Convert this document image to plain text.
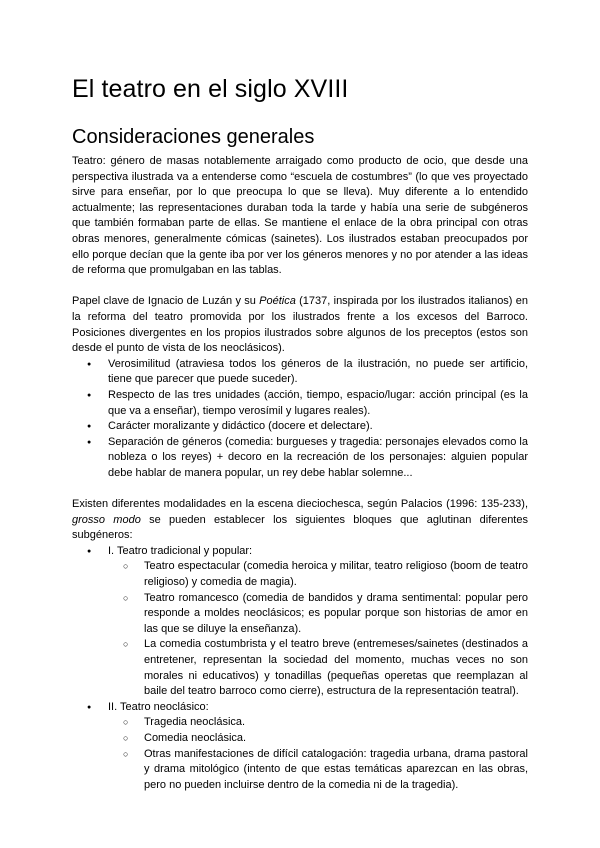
El teatro en el siglo XVIII
Consideraciones generales

Teatro: género de masas notablemente arraigado como producto de ocio, que desde una perspectiva ilustrada va a entenderse como “escuela de costumbres” (lo que ves proyectado sirve para enseñar, por lo que preocupa lo que se lleva). Muy diferente a lo entendido actualmente; las representaciones duraban toda la tarde y había una serie de subgéneros que también formaban parte de ellas. Se mantiene el enlace de la obra principal con otras obras menores, generalmente cómicas (sainetes). Los ilustrados estaban preocupados por ello porque decían que la gente iba por ver los géneros menores y no por atender a las ideas de reforma que promulgaban en las tablas.

Papel clave de Ignacio de Luzán y su Poética (1737, inspirada por los ilustrados italianos) en la reforma del teatro promovida por los ilustrados frente a los excesos del Barroco. Posiciones divergentes en los propios ilustrados sobre algunos de los preceptos (estos son desde el punto de vista de los neoclásicos).

● Verosimilitud (atraviesa todos los géneros de la ilustración, no puede ser artificio, tiene que parecer que puede suceder).
● Respecto de las tres unidades (acción, tiempo, espacio/lugar: acción principal (es la que va a enseñar), tiempo verosímil y lugares reales).
● Carácter moralizante y didáctico (docere et delectare).
● Separación de géneros (comedia: burgueses y tragedia: personajes elevados como la nobleza o los reyes) + decoro en la recreación de los personajes: alguien popular debe hablar de manera popular, un rey debe hablar solemne...

Existen diferentes modalidades en la escena dieciochesca, según Palacios (1996: 135-233), grosso modo se pueden establecer los siguientes bloques que aglutinan diferentes subgéneros:

● I. Teatro tradicional y popular:
○ Teatro espectacular (comedia heroica y militar, teatro religioso (boom de teatro religioso) y comedia de magia).
○ Teatro romancesco (comedia de bandidos y drama sentimental: popular pero responde a moldes neoclásicos; es popular porque son historias de amor en las que se diluye la enseñanza).
○ La comedia costumbrista y el teatro breve (entremeses/sainetes (destinados a entretener, representan la sociedad del momento, muchas veces no son morales ni educativos) y tonadillas (pequeñas operetas que reemplazan al baile del teatro barroco como cierre), estructura de la representación teatral).
● II. Teatro neoclásico:
○ Tragedia neoclásica.
○ Comedia neoclásica.
○ Otras manifestaciones de difícil catalogación: tragedia urbana, drama pastoral y drama mitológico (intento de que estas temáticas aparezcan en las obras, pero no pueden incluirse dentro de la comedia ni de la tragedia).
